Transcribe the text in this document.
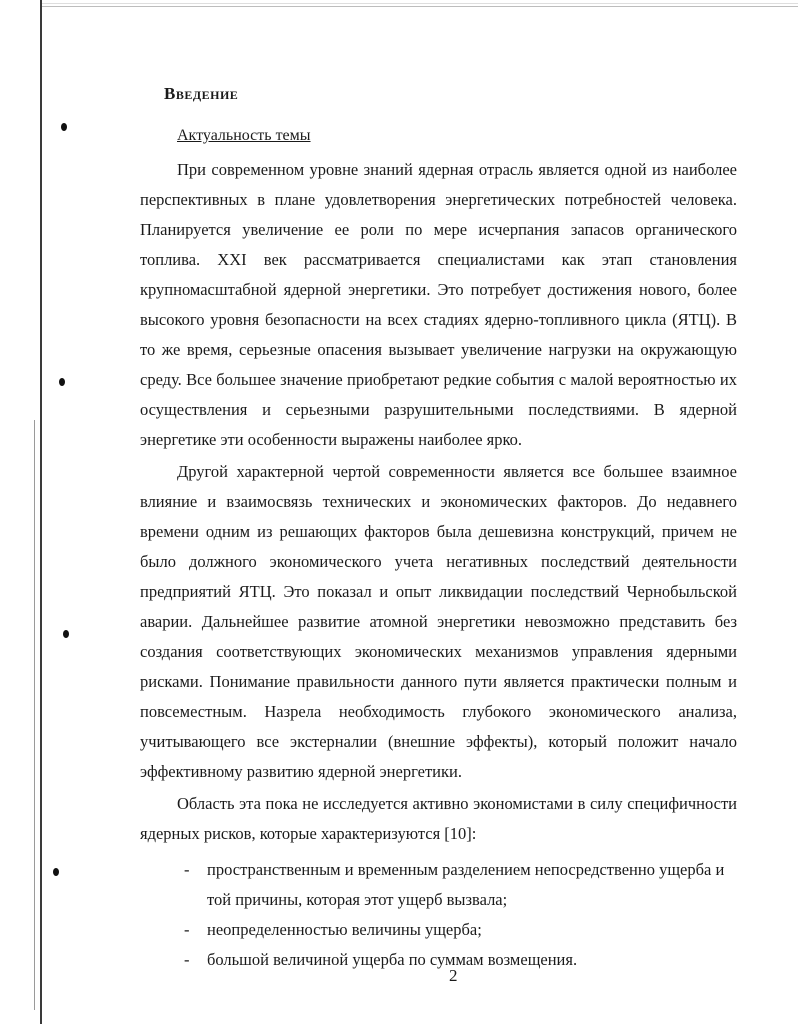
Введение
Актуальность темы

При современном уровне знаний ядерная отрасль является одной из наиболее перспективных в плане удовлетворения энергетических потребностей человека. Планируется увеличение ее роли по мере исчерпания запасов органического топлива. XXI век рассматривается специалистами как этап становления крупномасштабной ядерной энергетики. Это потребует достижения нового, более высокого уровня безопасности на всех стадиях ядерно-топливного цикла (ЯТЦ). В то же время, серьезные опасения вызывает увеличение нагрузки на окружающую среду. Все большее значение приобретают редкие события с малой вероятностью их осуществления и серьезными разрушительными последствиями. В ядерной энергетике эти особенности выражены наиболее ярко.

Другой характерной чертой современности является все большее взаимное влияние и взаимосвязь технических и экономических факторов. До недавнего времени одним из решающих факторов была дешевизна конструкций, причем не было должного экономического учета негативных последствий деятельности предприятий ЯТЦ. Это показал и опыт ликвидации последствий Чернобыльской аварии. Дальнейшее развитие атомной энергетики невозможно представить без создания соответствующих экономических механизмов управления ядерными рисками. Понимание правильности данного пути является практически полным и повсеместным. Назрела необходимость глубокого экономического анализа, учитывающего все экстерналии (внешние эффекты), который положит начало эффективному развитию ядерной энергетики.

Область эта пока не исследуется активно экономистами в силу специфичности ядерных рисков, которые характеризуются [10]:

- пространственным и временным разделением непосредственно ущерба и той причины, которая этот ущерб вызвала;
- неопределенностью величины ущерба;
- большой величиной ущерба по суммам возмещения.
2
